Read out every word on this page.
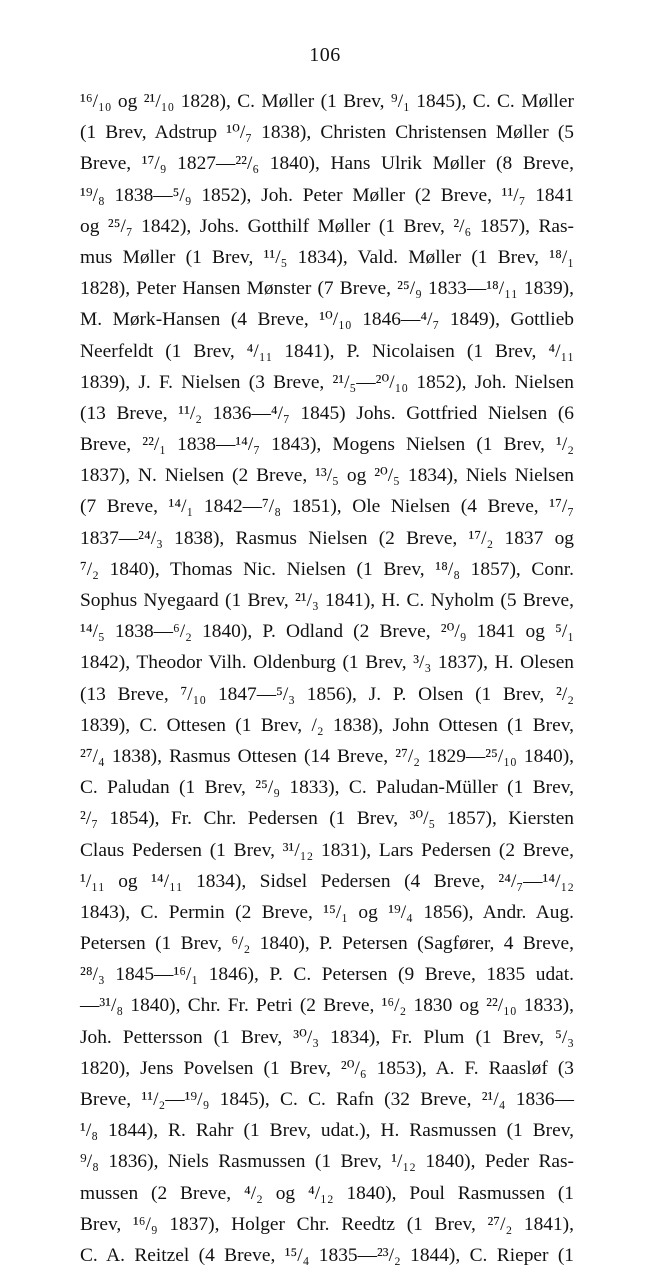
106
¹⁶/₁₀ og ²¹/₁₀ 1828), C. Møller (1 Brev, ⁹/₁ 1845), C. C. Møller
(1 Brev, Adstrup ¹⁰/₇ 1838), Christen Christensen Møller (5
Breve, ¹⁷/₉ 1827—²²/₆ 1840), Hans Ulrik Møller (8 Breve,
¹⁹/₈ 1838—⁵/₉ 1852), Joh. Peter Møller (2 Breve, ¹¹/₇ 1841
og ²⁵/₇ 1842), Johs. Gotthilf Møller (1 Brev, ²/₆ 1857), Ras-
mus Møller (1 Brev, ¹¹/₅ 1834), Vald. Møller (1 Brev, ¹⁸/₁
1828), Peter Hansen Mønster (7 Breve, ²⁵/₉ 1833—¹⁸/₁₁ 1839),
M. Mørk-Hansen (4 Breve, ¹⁰/₁₀ 1846—⁴/₇ 1849), Gottlieb
Neerfeldt (1 Brev, ⁴/₁₁ 1841), P. Nicolaisen (1 Brev, ⁴/₁₁
1839), J. F. Nielsen (3 Breve, ²¹/₅—²⁰/₁₀ 1852), Joh. Nielsen
(13 Breve, ¹¹/₂ 1836—⁴/₇ 1845) Johs. Gottfried Nielsen (6
Breve, ²²/₁ 1838—¹⁴/₇ 1843), Mogens Nielsen (1 Brev, ¹/₂
1837), N. Nielsen (2 Breve, ¹³/₅ og ²⁰/₅ 1834), Niels Nielsen
(7 Breve, ¹⁴/₁ 1842—⁷/₈ 1851), Ole Nielsen (4 Breve, ¹⁷/₇
1837—²⁴/₃ 1838), Rasmus Nielsen (2 Breve, ¹⁷/₂ 1837 og
⁷/₂ 1840), Thomas Nic. Nielsen (1 Brev, ¹⁸/₈ 1857), Conr.
Sophus Nyegaard (1 Brev, ²¹/₃ 1841), H. C. Nyholm (5 Breve,
¹⁴/₅ 1838—⁶/₂ 1840), P. Odland (2 Breve, ²⁰/₉ 1841 og ⁵/₁
1842), Theodor Vilh. Oldenburg (1 Brev, ³/₃ 1837), H. Olesen
(13 Breve, ⁷/₁₀ 1847—⁵/₃ 1856), J. P. Olsen (1 Brev, ²/₂
1839), C. Ottesen (1 Brev, /₂ 1838), John Ottesen (1 Brev,
²⁷/₄ 1838), Rasmus Ottesen (14 Breve, ²⁷/₂ 1829—²⁵/₁₀ 1840),
C. Paludan (1 Brev, ²⁵/₉ 1833), C. Paludan-Müller (1 Brev,
²/₇ 1854), Fr. Chr. Pedersen (1 Brev, ³⁰/₅ 1857), Kiersten
Claus Pedersen (1 Brev, ³¹/₁₂ 1831), Lars Pedersen (2 Breve,
¹/₁₁ og ¹⁴/₁₁ 1834), Sidsel Pedersen (4 Breve, ²⁴/₇—¹⁴/₁₂
1843), C. Permin (2 Breve, ¹⁵/₁ og ¹⁹/₄ 1856), Andr. Aug.
Petersen (1 Brev, ⁶/₂ 1840), P. Petersen (Sagfører, 4 Breve,
²⁸/₃ 1845—¹⁶/₁ 1846), P. C. Petersen (9 Breve, 1835 udat.
—³¹/₈ 1840), Chr. Fr. Petri (2 Breve, ¹⁶/₂ 1830 og ²²/₁₀ 1833),
Joh. Pettersson (1 Brev, ³⁰/₃ 1834), Fr. Plum (1 Brev, ⁵/₃
1820), Jens Povelsen (1 Brev, ²⁰/₆ 1853), A. F. Raasløf (3
Breve, ¹¹/₂—¹⁹/₉ 1845), C. C. Rafn (32 Breve, ²¹/₄ 1836—
¹/₈ 1844), R. Rahr (1 Brev, udat.), H. Rasmussen (1 Brev,
⁹/₈ 1836), Niels Rasmussen (1 Brev, ¹/₁₂ 1840), Peder Ras-
mussen (2 Breve, ⁴/₂ og ⁴/₁₂ 1840), Poul Rasmussen (1
Brev, ¹⁶/₉ 1837), Holger Chr. Reedtz (1 Brev, ²⁷/₂ 1841),
C. A. Reitzel (4 Breve, ¹⁵/₄ 1835—²³/₂ 1844), C. Rieper (1
